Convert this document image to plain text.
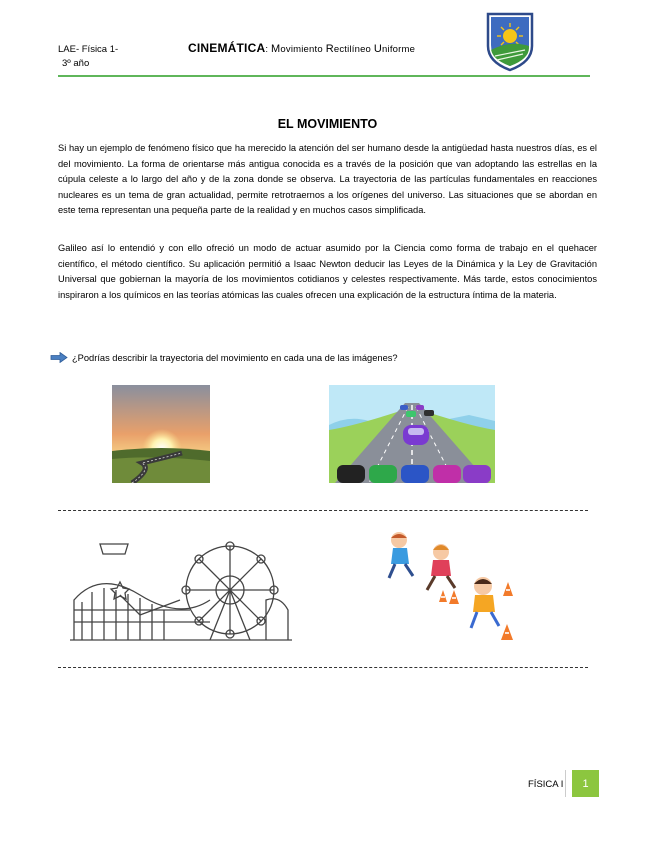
LAE- Física 1-
3º año
CINEMÁTICA: Movimiento Rectilíneo Uniforme
EL MOVIMIENTO
Si hay un ejemplo de fenómeno físico que ha merecido la atención del ser humano desde la antigüedad hasta nuestros días, es el del movimiento. La forma de orientarse más antigua conocida es a través de la posición que van adoptando las estrellas en la cúpula celeste a lo largo del año y de la zona donde se observa. La trayectoria de las partículas fundamentales en reacciones nucleares es un tema de gran actualidad, permite retrotraernos a los orígenes del universo. Las situaciones que se abordan en este tema representan una pequeña parte de la realidad y en muchos casos simplificada.
Galileo así lo entendió y con ello ofreció un modo de actuar asumido por la Ciencia como forma de trabajo en el quehacer científico, el método científico. Su aplicación permitió a Isaac Newton deducir las Leyes de la Dinámica y la Ley de Gravitación Universal que gobiernan la mayoría de los movimientos cotidianos y celestes respectivamente. Más tarde, estos conocimientos inspiraron a los químicos en las teorías atómicas las cuales ofrecen una explicación de la estructura íntima de la materia.
¿Podrías describir la trayectoria del movimiento en cada una de las imágenes?
FÍSICA I	1
